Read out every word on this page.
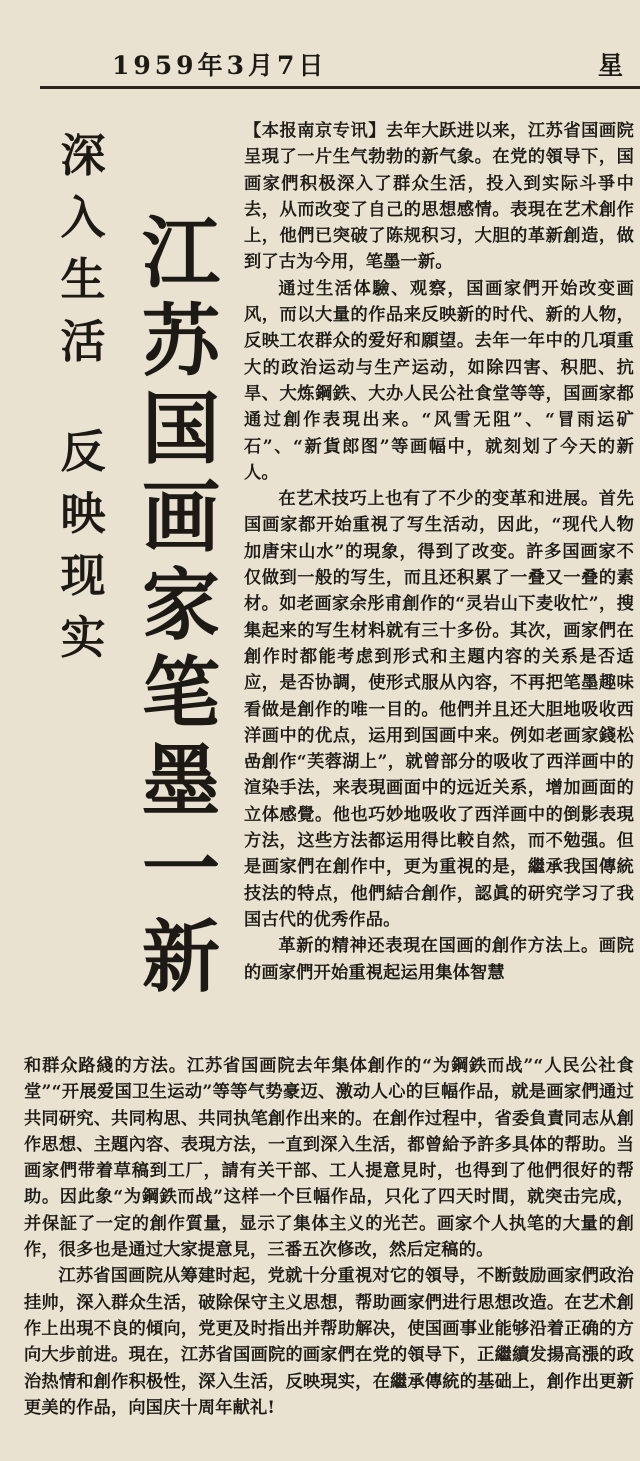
1959年3月7日	星
深
入
生
活
反
映
现
实
江
苏
国
画
家
笔
墨
一
新

【本报南京专讯】去年大跃进以来，江苏省国画院呈現了一片生气勃勃的新气象。在党的領导下，国画家們积极深入了群众生活，投入到实际斗爭中去，从而改变了自己的思想感情。表現在艺术創作上，他們已突破了陈规积习，大胆的革新創造，做到了古为今用，笔墨一新。

通过生活体驗、观察，国画家們开始改变画风，而以大量的作品来反映新的时代、新的人物，反映工农群众的爱好和願望。去年一年中的几項重大的政治运动与生产运动，如除四害、积肥、抗旱、大炼鋼鉄、大办人民公社食堂等等，国画家都通过創作表現出来。“风雪无阻”、“冒雨运矿石”、“新貨郎图”等画幅中，就刻划了今天的新人。

在艺术技巧上也有了不少的变革和进展。首先国画家都开始重視了写生活动，因此，“现代人物加唐宋山水”的現象，得到了改变。許多国画家不仅做到一般的写生，而且还积累了一叠又一叠的素材。如老画家余彤甫創作的“灵岩山下麦收忙”，搜集起来的写生材料就有三十多份。其次，画家們在創作时都能考虑到形式和主題内容的关系是否适应，是否协調，使形式服从內容，不再把笔墨趣味看做是創作的唯一目的。他們并且还大胆地吸收西洋画中的优点，运用到国画中来。例如老画家錢松嵒創作“芙蓉湖上”，就曾部分的吸收了西洋画中的渲染手法，来表現画面中的远近关系，增加画面的立体感覺。他也巧妙地吸收了西洋画中的倒影表現方法，这些方法都运用得比較自然，而不勉强。但是画家們在創作中，更为重視的是，繼承我国傳統技法的特点，他們結合創作，認眞的研究学习了我国古代的优秀作品。

革新的精神还表現在国画的創作方法上。画院的画家們开始重視起运用集体智慧

和群众路綫的方法。江苏省国画院去年集体創作的“为鋼鉄而战”“人民公社食堂”“开展爱国卫生运动”等等气势豪迈、激动人心的巨幅作品，就是画家們通过共同研究、共同构思、共同执笔創作出来的。在創作过程中，省委負責同志从創作思想、主題內容、表現方法，一直到深入生活，都曾給予許多具体的帮助。当画家們带着草稿到工厂，請有关干部、工人提意見时，也得到了他們很好的帮助。因此象“为鋼鉄而战”这样一个巨幅作品，只化了四天时間，就突击完成，并保証了一定的創作質量，显示了集体主义的光芒。画家个人执笔的大量的創作，很多也是通过大家提意見，三番五次修改，然后定稿的。

江苏省国画院从筹建时起，党就十分重視对它的領导，不断鼓励画家們政治挂帅，深入群众生活，破除保守主义思想，帮助画家們进行思想改造。在艺术創作上出現不良的傾向，党更及时指出并帮助解决，使国画事业能够沿着正确的方向大步前进。現在，江苏省国画院的画家們在党的領导下，正繼續发揚高漲的政治热情和創作积极性，深入生活，反映現实，在繼承傳統的基础上，創作出更新更美的作品，向国庆十周年献礼!
